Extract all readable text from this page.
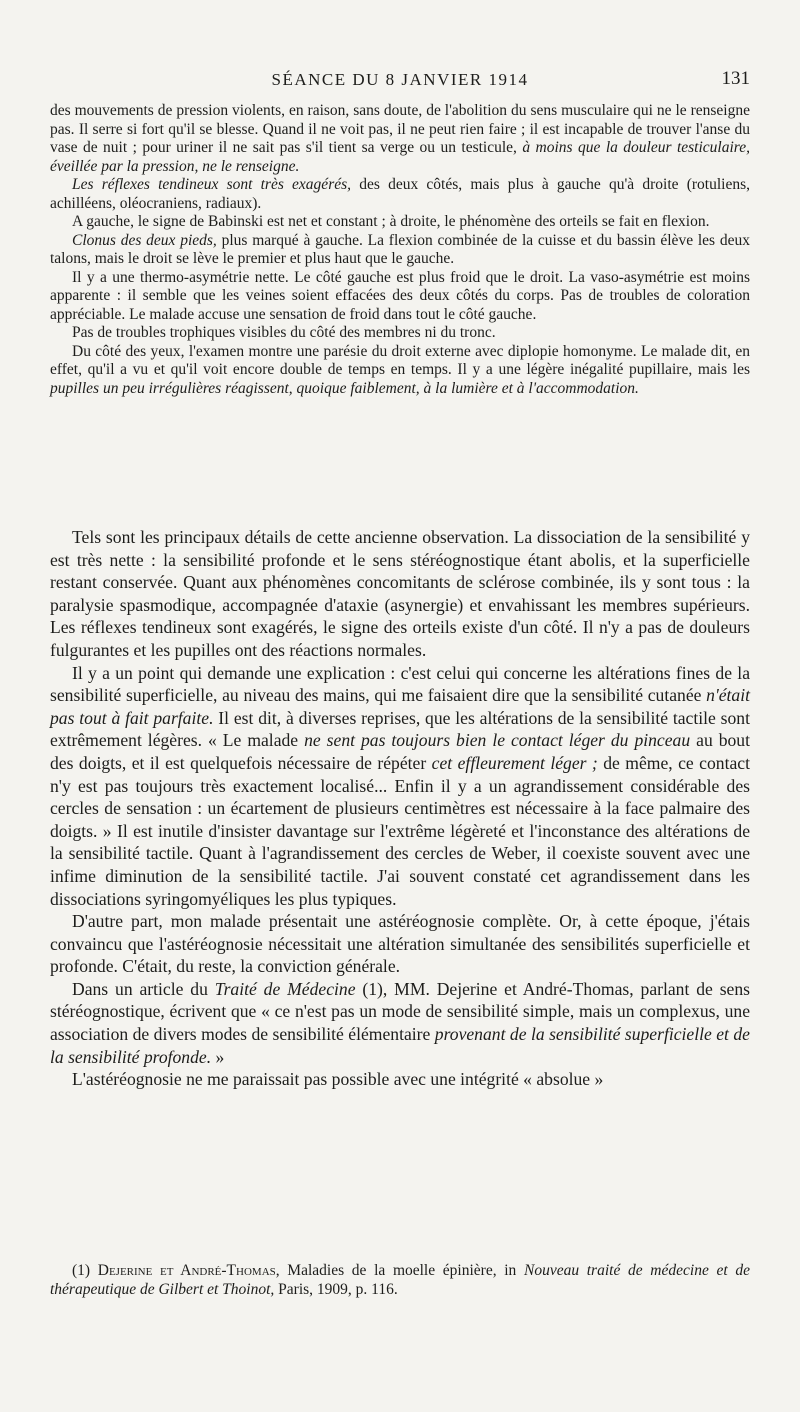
SÉANCE DU 8 JANVIER 1914	131

des mouvements de pression violents, en raison, sans doute, de l'abolition du sens musculaire qui ne le renseigne pas. Il serre si fort qu'il se blesse. Quand il ne voit pas, il ne peut rien faire ; il est incapable de trouver l'anse du vase de nuit ; pour uriner il ne sait pas s'il tient sa verge ou un testicule, à moins que la douleur testiculaire, éveillée par la pression, ne le renseigne.

Les réflexes tendineux sont très exagérés, des deux côtés, mais plus à gauche qu'à droite (rotuliens, achilléens, oléocraniens, radiaux).

A gauche, le signe de Babinski est net et constant ; à droite, le phénomène des orteils se fait en flexion.

Clonus des deux pieds, plus marqué à gauche. La flexion combinée de la cuisse et du bassin élève les deux talons, mais le droit se lève le premier et plus haut que le gauche.

Il y a une thermo-asymétrie nette. Le côté gauche est plus froid que le droit. La vaso-asymétrie est moins apparente : il semble que les veines soient effacées des deux côtés du corps. Pas de troubles de coloration appréciable. Le malade accuse une sensation de froid dans tout le côté gauche.

Pas de troubles trophiques visibles du côté des membres ni du tronc.

Du côté des yeux, l'examen montre une parésie du droit externe avec diplopie homonyme. Le malade dit, en effet, qu'il a vu et qu'il voit encore double de temps en temps. Il y a une légère inégalité pupillaire, mais les pupilles un peu irrégulières réagissent, quoique faiblement, à la lumière et à l'accommodation.

Tels sont les principaux détails de cette ancienne observation. La dissociation de la sensibilité y est très nette : la sensibilité profonde et le sens stéréognostique étant abolis, et la superficielle restant conservée. Quant aux phénomènes concomitants de sclérose combinée, ils y sont tous : la paralysie spasmodique, accompagnée d'ataxie (asynergie) et envahissant les membres supérieurs. Les réflexes tendineux sont exagérés, le signe des orteils existe d'un côté. Il n'y a pas de douleurs fulgurantes et les pupilles ont des réactions normales.

Il y a un point qui demande une explication : c'est celui qui concerne les altérations fines de la sensibilité superficielle, au niveau des mains, qui me faisaient dire que la sensibilité cutanée n'était pas tout à fait parfaite. Il est dit, à diverses reprises, que les altérations de la sensibilité tactile sont extrêmement légères. « Le malade ne sent pas toujours bien le contact léger du pinceau au bout des doigts, et il est quelquefois nécessaire de répéter cet effleurement léger ; de même, ce contact n'y est pas toujours très exactement localisé... Enfin il y a un agrandissement considérable des cercles de sensation : un écartement de plusieurs centimètres est nécessaire à la face palmaire des doigts. » Il est inutile d'insister davantage sur l'extrême légèreté et l'inconstance des altérations de la sensibilité tactile. Quant à l'agrandissement des cercles de Weber, il coexiste souvent avec une infime diminution de la sensibilité tactile. J'ai souvent constaté cet agrandissement dans les dissociations syringomyéliques les plus typiques.

D'autre part, mon malade présentait une astéréognosie complète. Or, à cette époque, j'étais convaincu que l'astéréognosie nécessitait une altération simultanée des sensibilités superficielle et profonde. C'était, du reste, la conviction générale.

Dans un article du Traité de Médecine (1), MM. Dejerine et André-Thomas, parlant de sens stéréognostique, écrivent que « ce n'est pas un mode de sensibilité simple, mais un complexus, une association de divers modes de sensibilité élémentaire provenant de la sensibilité superficielle et de la sensibilité profonde. »

L'astéréognosie ne me paraissait pas possible avec une intégrité « absolue »

(1) Dejerine et André-Thomas, Maladies de la moelle épinière, in Nouveau traité de médecine et de thérapeutique de Gilbert et Thoinot, Paris, 1909, p. 116.
